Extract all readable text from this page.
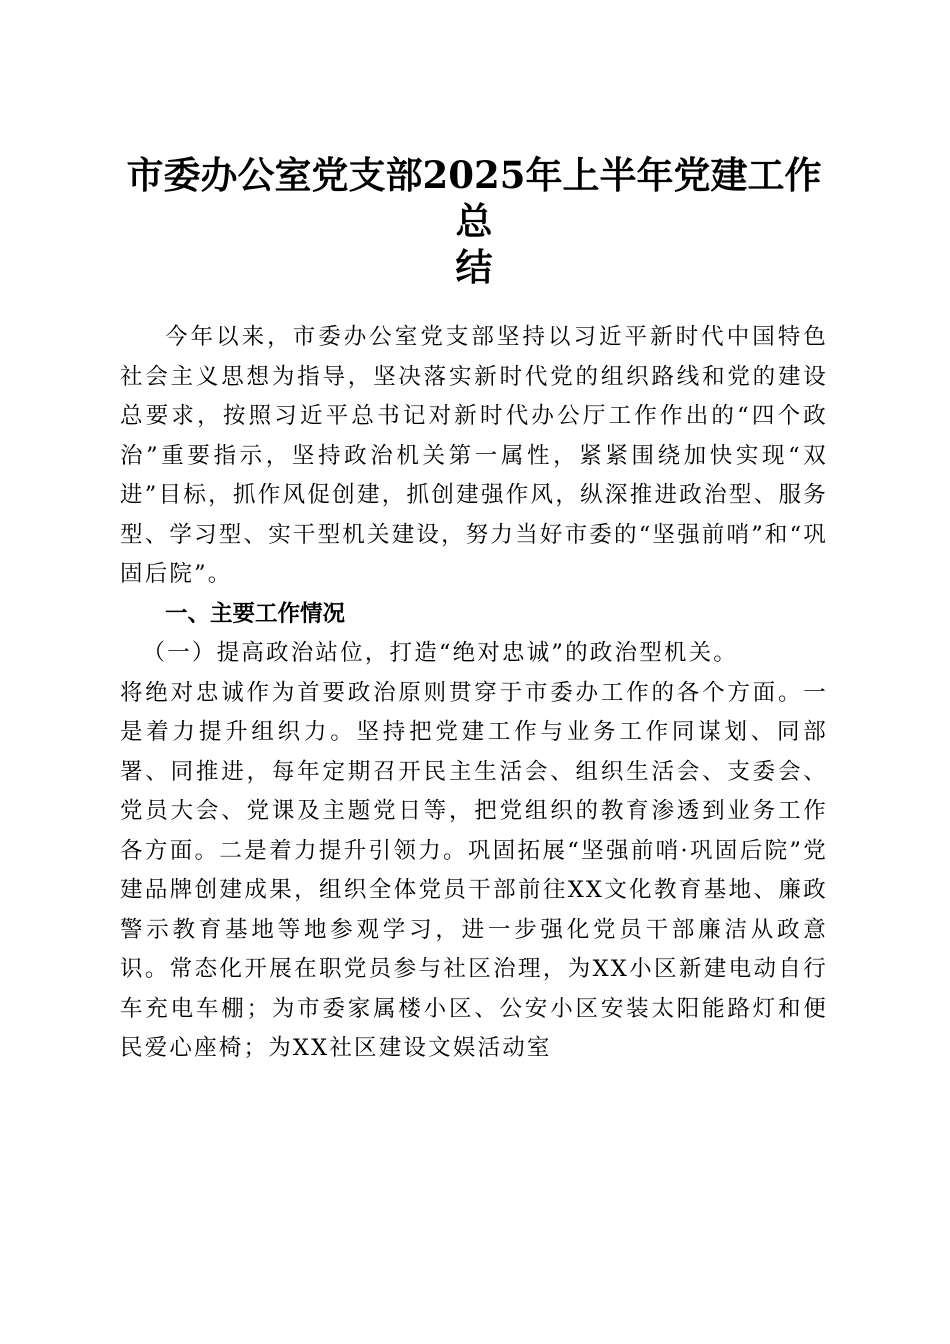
市委办公室党支部2025年上半年党建工作总
结

今年以来，市委办公室党支部坚持以习近平新时代中国特色社会主义思想为指导，坚决落实新时代党的组织路线和党的建设总要求，按照习近平总书记对新时代办公厅工作作出的“四个政治”重要指示，坚持政治机关第一属性，紧紧围绕加快实现“双进”目标，抓作风促创建，抓创建强作风，纵深推进政治型、服务型、学习型、实干型机关建设，努力当好市委的“坚强前哨”和“巩固后院”。

一、主要工作情况

（一）提高政治站位，打造“绝对忠诚”的政治型机关。

将绝对忠诚作为首要政治原则贯穿于市委办工作的各个方面。一是着力提升组织力。坚持把党建工作与业务工作同谋划、同部署、同推进，每年定期召开民主生活会、组织生活会、支委会、党员大会、党课及主题党日等，把党组织的教育渗透到业务工作各方面。二是着力提升引领力。巩固拓展“坚强前哨·巩固后院”党建品牌创建成果，组织全体党员干部前往XX文化教育基地、廉政警示教育基地等地参观学习，进一步强化党员干部廉洁从政意识。常态化开展在职党员参与社区治理，为XX小区新建电动自行车充电车棚；为市委家属楼小区、公安小区安装太阳能路灯和便民爱心座椅；为XX社区建设文娱活动室
